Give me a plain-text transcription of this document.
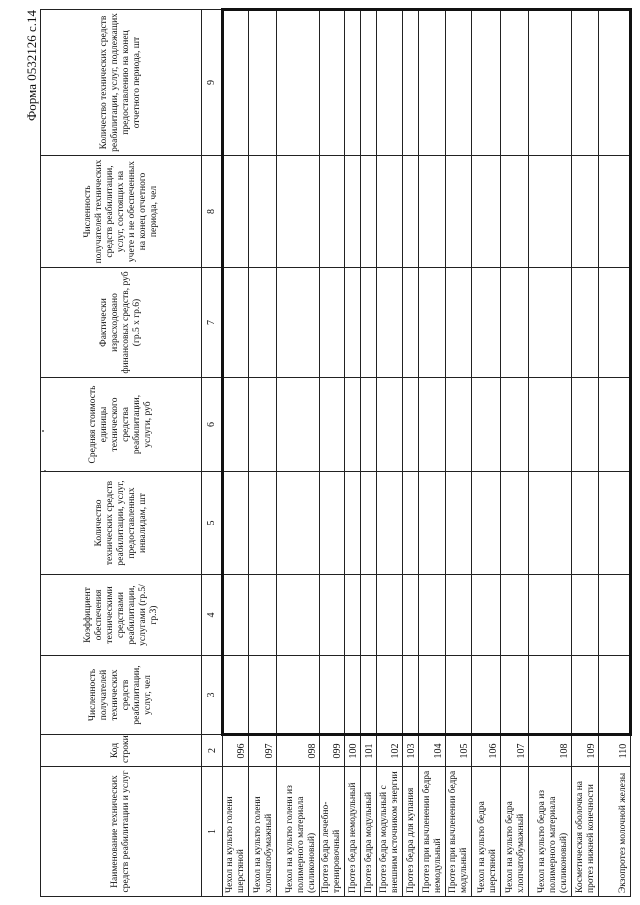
Форма 0532126 с.14
Наименование технических средств реабилитации и услуг	Код строки	Численность получателей технических средств реабилитации, услуг, чел	Коэффициент обеспечения техническими средствами реабилитации, услугами (гр.5/гр.3)	Количество технических средств реабилитации, услуг, предоставленных инвалидам, шт	Средняя стоимость единицы технического средства реабилитации, услуги, руб	Фактически израсходовано финансовых средств, руб (гр.5 х гр.6)	Численность получателей технических средств реабилитации, услуг, состоящих на учете и не обеспеченных на конец отчетного периода, чел	Количество технических средств реабилитации, услуг, подлежащих предоставлению на конец отчетного периода, шт
1	2	3	4	5	6	7	8	9
Чехол на культю голени шерстяной	096							
Чехол на культю голени хлопчатобумажный	097							
Чехол на культю голени из полимерного материала (силиконовый)	098							
Протез бедра лечебно-тренировочный	099							
Протез бедра немодульный	100							
Протез бедра модульный	101							
Протез бедра модульный с внешним источником энергии	102							
Протез бедра для купания	103							
Протез при вычленении бедра немодульный	104							
Протез при вычленении бедра модульный	105							
Чехол на культю бедра шерстяной	106							
Чехол на культю бедра хлопчатобумажный	107							
Чехол на культю бедра из полимерного материала (силиконовый)	108							
Косметическая оболочка на протез нижней конечности	109							
Экзопротез молочной железы	110							
